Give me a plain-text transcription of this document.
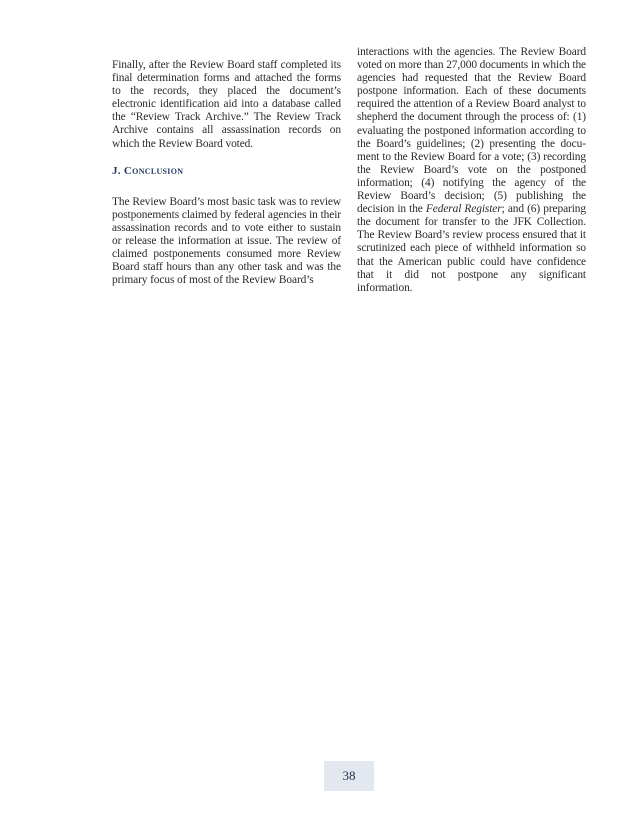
Finally, after the Review Board staff completed its final determination forms and attached the forms to the records, they placed the document’s electronic identification aid into a database called the “Review Track Archive.” The Review Track Archive contains all assassination records on which the Review Board voted.

J. Conclusion

The Review Board’s most basic task was to review postponements claimed by federal agencies in their assassination records and to vote either to sustain or release the information at issue. The review of claimed postponements consumed more Review Board staff hours than any other task and was the primary focus of most of the Review Board’s

interactions with the agencies. The Review Board voted on more than 27,000 documents in which the agencies had requested that the Review Board postpone information. Each of these documents required the attention of a Review Board analyst to shepherd the document through the process of: (1) evaluating the postponed information according to the Board’s guidelines; (2) presenting the document to the Review Board for a vote; (3) recording the Review Board’s vote on the postponed information; (4) notifying the agency of the Review Board’s decision; (5) publishing the decision in the Federal Register; and (6) preparing the document for transfer to the JFK Collection. The Review Board’s review process ensured that it scrutinized each piece of withheld information so that the American public could have confidence that it did not postpone any significant information.

38
